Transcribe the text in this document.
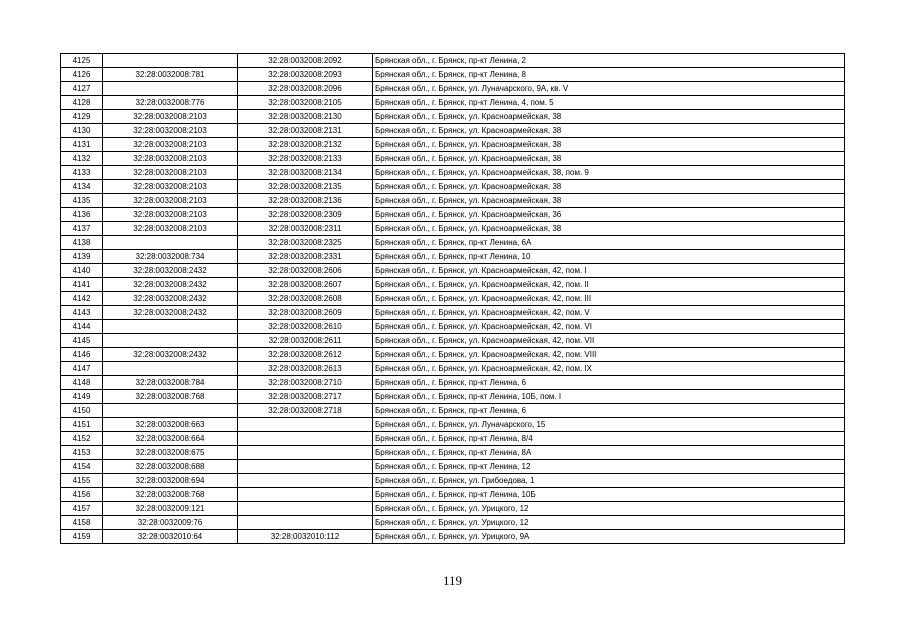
4125		32:28:0032008:2092	Брянская обл., г. Брянск, пр-кт Ленина, 2
4126	32:28:0032008:781	32:28:0032008:2093	Брянская обл., г. Брянск, пр-кт Ленина, 8
4127		32:28:0032008:2096	Брянская обл., г. Брянск, ул. Луначарского, 9А, кв. V
4128	32:28:0032008:776	32:28:0032008:2105	Брянская обл., г. Брянск, пр-кт Ленина, 4, пом. 5
4129	32:28:0032008:2103	32:28:0032008:2130	Брянская обл., г. Брянск, ул. Красноармейская, 38
4130	32:28:0032008:2103	32:28:0032008:2131	Брянская обл., г. Брянск, ул. Красноармейская, 38
4131	32:28:0032008:2103	32:28:0032008:2132	Брянская обл., г. Брянск, ул. Красноармейская, 38
4132	32:28:0032008:2103	32:28:0032008:2133	Брянская обл., г. Брянск, ул. Красноармейская, 38
4133	32:28:0032008:2103	32:28:0032008:2134	Брянская обл., г. Брянск, ул. Красноармейская, 38, пом. 9
4134	32:28:0032008:2103	32:28:0032008:2135	Брянская обл., г. Брянск, ул. Красноармейская, 38
4135	32:28:0032008:2103	32:28:0032008:2136	Брянская обл., г. Брянск, ул. Красноармейская, 38
4136	32:28:0032008:2103	32:28:0032008:2309	Брянская обл., г. Брянск, ул. Красноармейская, 36
4137	32:28:0032008:2103	32:28:0032008:2311	Брянская обл., г. Брянск, ул. Красноармейская, 38
4138		32:28:0032008:2325	Брянская обл., г. Брянск, пр-кт Ленина, 6А
4139	32:28:0032008:734	32:28:0032008:2331	Брянская обл., г. Брянск, пр-кт Ленина, 10
4140	32:28:0032008:2432	32:28:0032008:2606	Брянская обл., г. Брянск, ул. Красноармейская, 42, пом. I
4141	32:28:0032008:2432	32:28:0032008:2607	Брянская обл., г. Брянск, ул. Красноармейская, 42, пом. II
4142	32:28:0032008:2432	32:28:0032008:2608	Брянская обл., г. Брянск, ул. Красноармейская, 42, пом. III
4143	32:28:0032008:2432	32:28:0032008:2609	Брянская обл., г. Брянск, ул. Красноармейская, 42, пом. V
4144		32:28:0032008:2610	Брянская обл., г. Брянск, ул. Красноармейская, 42, пом. VI
4145		32:28:0032008:2611	Брянская обл., г. Брянск, ул. Красноармейская, 42, пом. VII
4146	32:28:0032008:2432	32:28:0032008:2612	Брянская обл., г. Брянск, ул. Красноармейская, 42, пом. VIII
4147		32:28:0032008:2613	Брянская обл., г. Брянск, ул. Красноармейская, 42, пом. IX
4148	32:28:0032008:784	32:28:0032008:2710	Брянская обл., г. Брянск, пр-кт Ленина, 6
4149	32:28:0032008:768	32:28:0032008:2717	Брянская обл., г. Брянск, пр-кт Ленина, 10Б, пом. I
4150		32:28:0032008:2718	Брянская обл., г. Брянск, пр-кт Ленина, 6
4151	32:28:0032008:663		Брянская обл., г. Брянск, ул. Луначарского, 15
4152	32:28:0032008:664		Брянская обл., г. Брянск, пр-кт Ленина, 8/4
4153	32:28:0032008:675		Брянская обл., г. Брянск, пр-кт Ленина, 8А
4154	32:28:0032008:688		Брянская обл., г. Брянск, пр-кт Ленина, 12
4155	32:28:0032008:694		Брянская обл., г. Брянск, ул. Грибоедова, 1
4156	32:28:0032008:768		Брянская обл., г. Брянск, пр-кт Ленина, 10Б
4157	32:28:0032009:121		Брянская обл., г. Брянск, ул. Урицкого, 12
4158	32:28:0032009:76		Брянская обл., г. Брянск, ул. Урицкого, 12
4159	32:28:0032010:64	32:28:0032010:112	Брянская обл., г. Брянск, ул. Урицкого, 9А
119
